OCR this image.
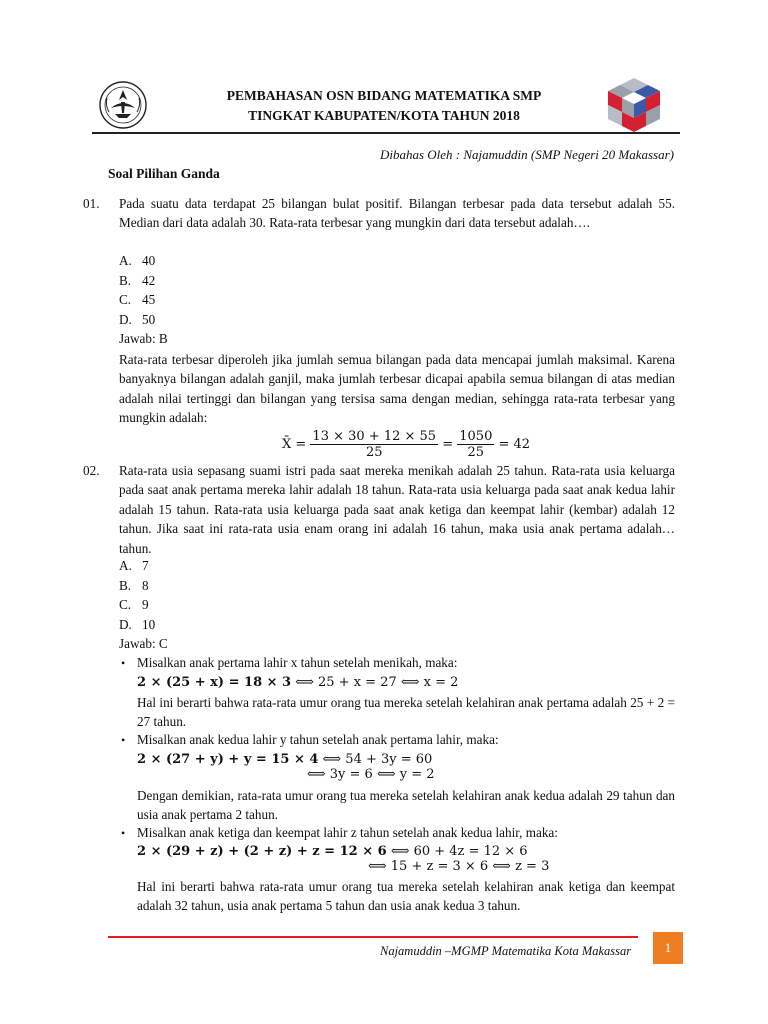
PEMBAHASAN OSN BIDANG MATEMATIKA SMP
TINGKAT KABUPATEN/KOTA TAHUN 2018
Dibahas Oleh : Najamuddin (SMP Negeri 20 Makassar)
Soal Pilihan Ganda
01. Pada suatu data terdapat 25 bilangan bulat positif. Bilangan terbesar pada data tersebut adalah 55. Median dari data adalah 30. Rata-rata terbesar yang mungkin dari data tersebut adalah….
A. 40
B. 42
C. 45
D. 50
Jawab: B
Rata-rata terbesar diperoleh jika jumlah semua bilangan pada data mencapai jumlah maksimal. Karena banyaknya bilangan adalah ganjil, maka jumlah terbesar dicapai apabila semua bilangan di atas median adalah nilai tertinggi dan bilangan yang tersisa sama dengan median, sehingga rata-rata terbesar yang mungkin adalah:
X̄ = $\frac{13 \times 30 + 12 \times 55}{25} = \frac{1050}{25} = 42$
02. Rata-rata usia sepasang suami istri pada saat mereka menikah adalah 25 tahun. Rata-rata usia keluarga pada saat anak pertama mereka lahir adalah 18 tahun. Rata-rata usia keluarga pada saat anak kedua lahir adalah 15 tahun. Rata-rata usia keluarga pada saat anak ketiga dan keempat lahir (kembar) adalah 12 tahun. Jika saat ini rata-rata usia enam orang ini adalah 16 tahun, maka usia anak pertama adalah… tahun.
A. 7
B. 8
C. 9
D. 10
Jawab: C
• Misalkan anak pertama lahir x tahun setelah menikah, maka:
2 × (25 + x) = 18 × 3 ⟺ 25 + x = 27 ⟺ x = 2
Hal ini berarti bahwa rata-rata umur orang tua mereka setelah kelahiran anak pertama adalah 25 + 2 = 27 tahun.
• Misalkan anak kedua lahir y tahun setelah anak pertama lahir, maka:
2 × (27 + y) + y = 15 × 4 ⟺ 54 + 3y = 60
⟺ 3y = 6 ⟺ y = 2
Dengan demikian, rata-rata umur orang tua mereka setelah kelahiran anak kedua adalah 29 tahun dan usia anak pertama 2 tahun.
• Misalkan anak ketiga dan keempat lahir z tahun setelah anak kedua lahir, maka:
2 × (29 + z) + (2 + z) + z = 12 × 6 ⟺ 60 + 4z = 12 × 6
⟺ 15 + z = 3 × 6 ⟺ z = 3
Hal ini berarti bahwa rata-rata umur orang tua mereka setelah kelahiran anak ketiga dan keempat adalah 32 tahun, usia anak pertama 5 tahun dan usia anak kedua 3 tahun.
Najamuddin –MGMP Matematika Kota Makassar	1
